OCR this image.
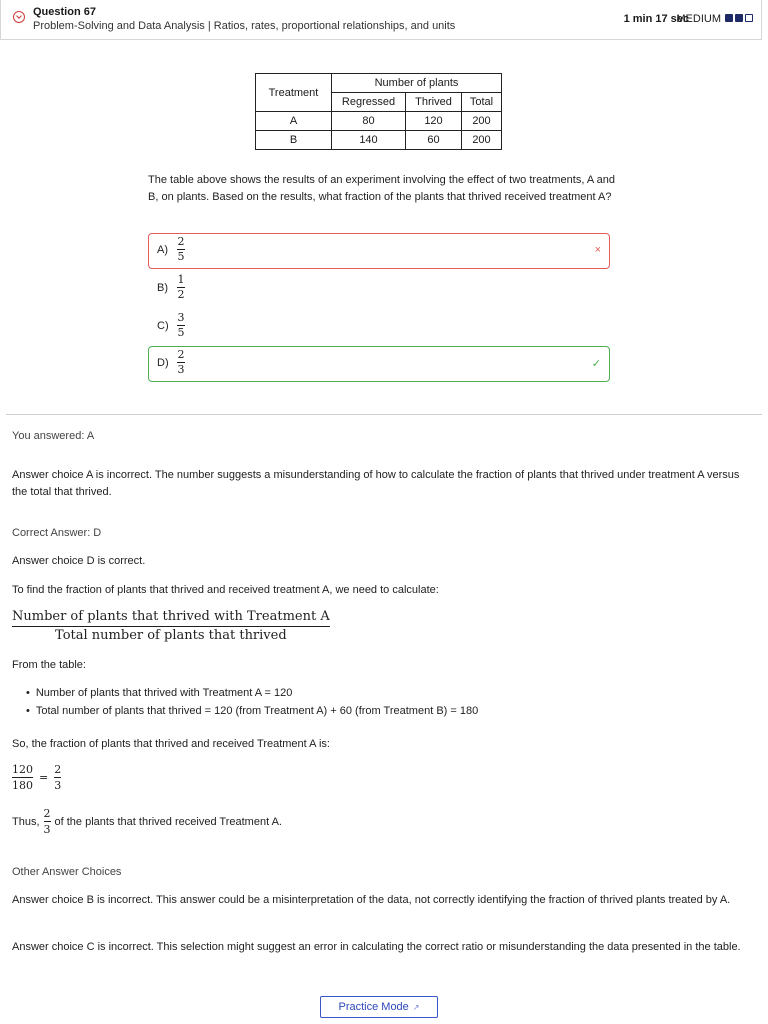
Question 67
Problem-Solving and Data Analysis | Ratios, rates, proportional relationships, and units
1 min 17 sec
MEDIUM
Treatment	Number of plants		
	Regressed	Thrived	Total
A	80	120	200
B	140	60	200

The table above shows the results of an experiment involving the effect of two treatments, A and B, on plants. Based on the results, what fraction of the plants that thrived received treatment A?

A)
2
5	×
B)
1
2
C)
3
5
D)
2
3	✓

You answered: A

Answer choice A is incorrect. The number suggests a misunderstanding of how to calculate the fraction of plants that thrived under treatment A versus the total that thrived.

Correct Answer: D

Answer choice D is correct.

To find the fraction of plants that thrived and received treatment A, we need to calculate:

Number of plants that thrived with Treatment A
Total number of plants that thrived

From the table:

• Number of plants that thrived with Treatment A = 120
• Total number of plants that thrived = 120 (from Treatment A) + 60 (from Treatment B) = 180

So, the fraction of plants that thrived and received Treatment A is:

120
180
=
2
3
Thus,
2
3
of the plants that thrived received Treatment A.

Other Answer Choices

Answer choice B is incorrect. This answer could be a misinterpretation of the data, not correctly identifying the fraction of thrived plants treated by A.

Answer choice C is incorrect. This selection might suggest an error in calculating the correct ratio or misunderstanding the data presented in the table.

Practice Mode ↗
